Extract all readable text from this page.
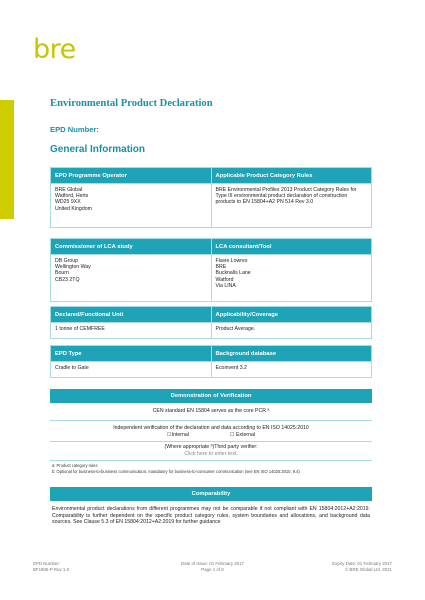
bre
Environmental Product Declaration
EPD Number:
General Information
EPD Programme Operator	Applicable Product Category Rules
BRE Global
Watford, Herts
WD25 9XX
United Kingdom	BRE Environmental Profiles 2013 Product Category Rules for Type III environmental product declaration of construction products to EN 15804+A2 PN 514 Rev 3.0
Commissioner of LCA study	LCA consultant/Tool
DB Group
Wellington Way
Bourn
CB23 2TQ	Flavie Lowres
BRE
Bucknalls Lane
Watford
Via LINA
Declared/Functional Unit	Applicability/Coverage
1 tonne of CEMFREE	Product Average.
EPD Type	Background database
Cradle to Gate	Ecoinvent 3.2
Demonstration of Verification
CEN standard EN 15804 serves as the core PCR ᵃ
Independent verification of the declaration and data according to EN ISO 14025:2010
☐Internal	☐ External
(Where appropriate ᵇ)Third party verifier:
Click here to enter text.
a: Product category rules
b: Optional for business-to-business communication; mandatory for business-to-consumer communication (see EN ISO 14025:2010, 9.4)
Comparability
Environmental product declarations from different programmes may not be comparable if not compliant with EN 15804:2012+A2:2019. Comparability is further dependent on the specific product category rules, system boundaries and allocations, and background data sources. See Clause 5.3 of EN 15804:2012+A2:2019 for further guidance
EPD Number:
BF1805-P Rev 1.0
Date of Issue: 01 February 2017
Page 1 of 8
Expiry Date: 01 February 2017
© BRE Global Ltd, 2021
